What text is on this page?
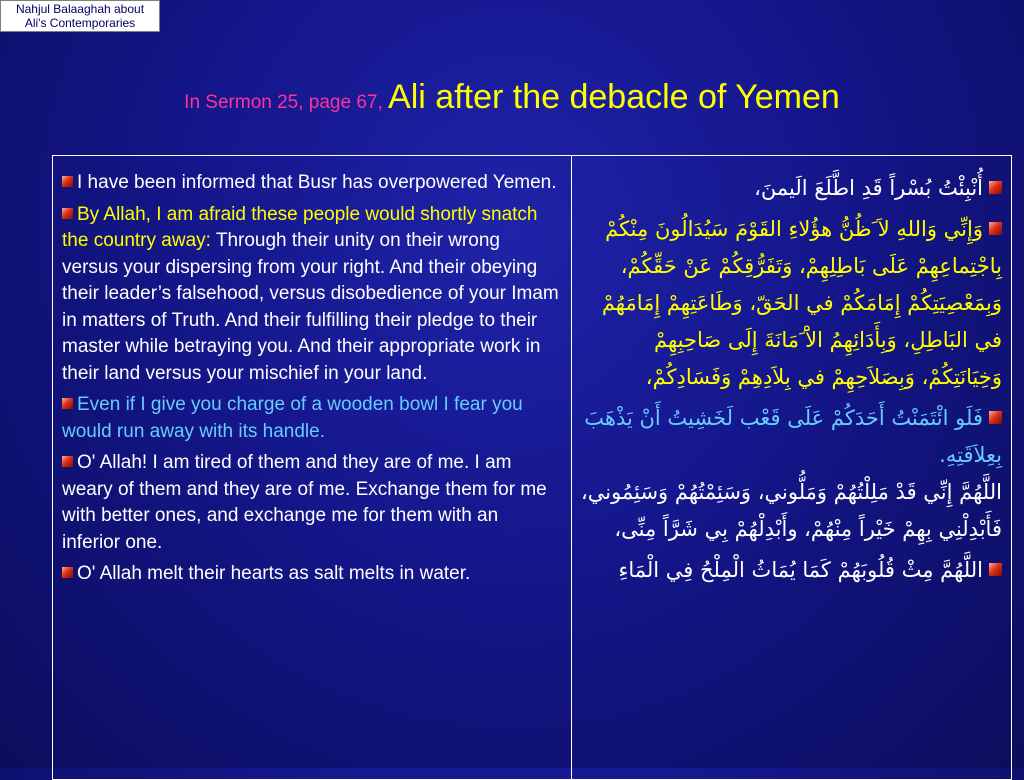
Nahjul Balaaghah about
Ali's Contemporaries
In Sermon 25, page 67, Ali after the debacle of Yemen

I have been informed that Busr has overpowered Yemen.

By Allah, I am afraid these people would shortly snatch the country away: Through their unity on their wrong versus your dispersing from your right. And their obeying their leader’s falsehood, versus disobedience of your Imam in matters of Truth. And their fulfilling their pledge to their master while betraying you. And their appropriate work in their land versus your mischief in your land.

Even if I give you charge of a wooden bowl I fear you would run away with its handle.

O' Allah! I am tired of them and they are of me. I am weary of them and they are of me. Exchange them for me with better ones, and exchange me for them with an inferior one.

O' Allah melt their hearts as salt melts in water.

أُنْبِئْتُ بُسْراً قَدِ اطَّلَعَ الَيمنَ،

وَإِنِّي وَاللهِ لاَ َظُنُّ هؤُلاءِ القَوْمَ سَيُدَالُونَ مِنْكُمْ بِاجْتِماعِهِمْ عَلَى بَاطِلِهِمْ، وَتَفَرُّقِكُمْ عَنْ حَقِّكُمْ، وَبِمَعْصِيَتِكُمْ إِمَامَكُمْ في الحَقّ، وَطَاعَتِهِمْ إِمَامَهُمْ في البَاطِلِ، وَبِأَدَائِهِمُ الاَْ َمَانَةَ إِلَى صَاحِبِهِمْ وَخِيَانَتِكُمْ، وَبِصَلاَحِهِمْ في بِلاَدِهِمْ وَفَسَادِكُمْ،

فَلَو ائْتَمَنْتُ أَحَدَكُمْ عَلَى قَعْب لَخَشِيتُ أَنْ يَذْهَبَ بِعِلاَقَتِهِ.
اللَّهُمَّ إِنِّي قَدْ مَلِلْتُهُمْ وَمَلُّوني، وَسَئِمْتُهُمْ وَسَئِمُوني، فَأَبْدِلْنِي بِهِمْ خَيْراً مِنْهُمْ، وأَبْدِلْهُمْ بِي شَرَّاً مِنِّى،

اللَّهُمَّ مِثْ قُلُوبَهُمْ كَمَا يُمَاثُ الْمِلْحُ فِي الْمَاءِ
